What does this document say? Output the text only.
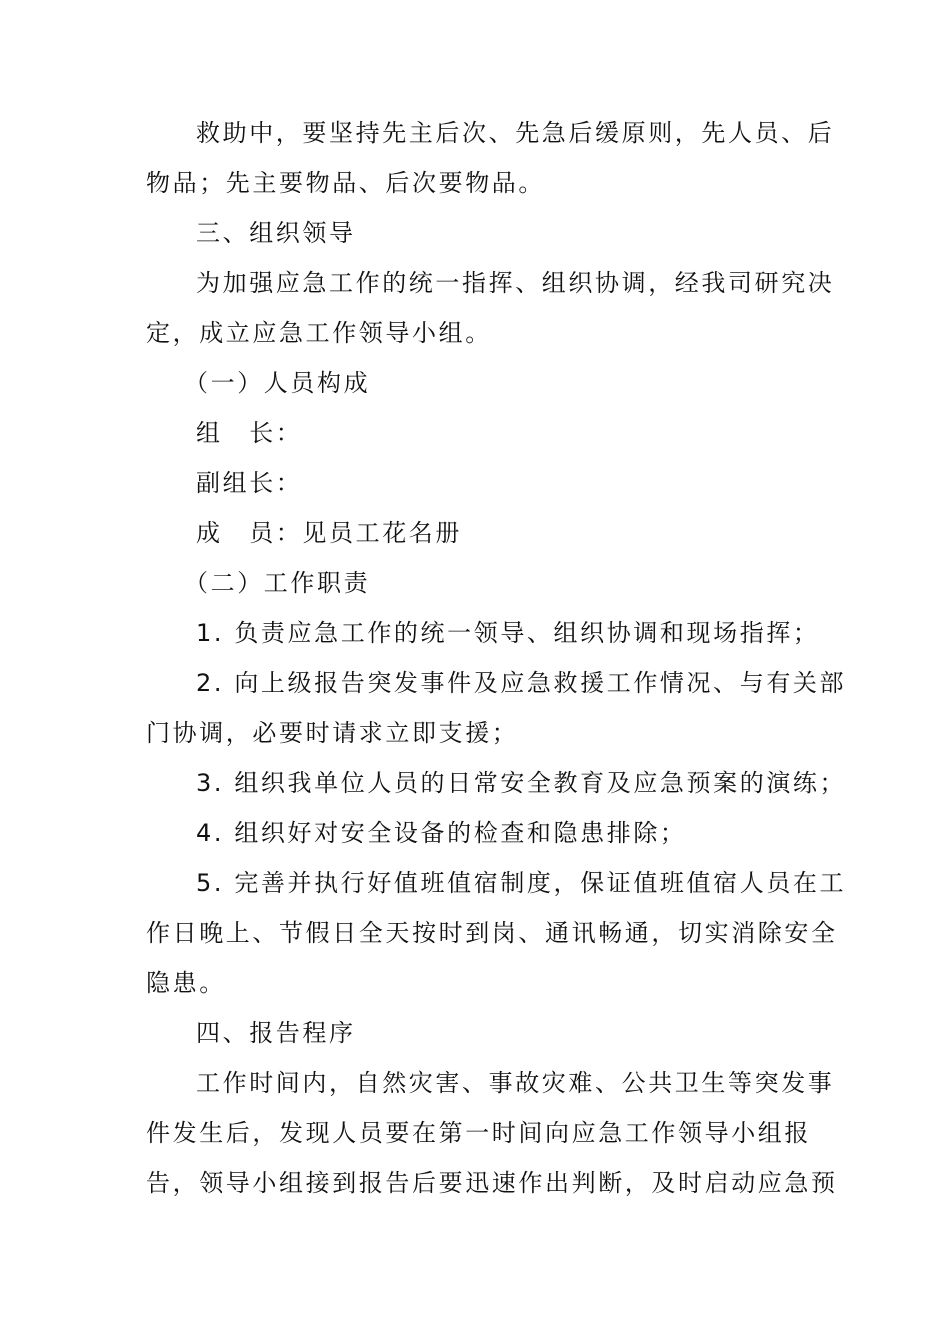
救助中，要坚持先主后次、先急后缓原则，先人员、后
物品；先主要物品、后次要物品。
三、组织领导
为加强应急工作的统一指挥、组织协调，经我司研究决
定，成立应急工作领导小组。
（一）人员构成
组　长：
副组长：
成　员：见员工花名册
（二）工作职责
1. 负责应急工作的统一领导、组织协调和现场指挥；
2. 向上级报告突发事件及应急救援工作情况、与有关部
门协调，必要时请求立即支援；
3. 组织我单位人员的日常安全教育及应急预案的演练；
4. 组织好对安全设备的检查和隐患排除；
5. 完善并执行好值班值宿制度，保证值班值宿人员在工
作日晚上、节假日全天按时到岗、通讯畅通，切实消除安全
隐患。
四、报告程序
工作时间内，自然灾害、事故灾难、公共卫生等突发事
件发生后，发现人员要在第一时间向应急工作领导小组报
告，领导小组接到报告后要迅速作出判断，及时启动应急预
